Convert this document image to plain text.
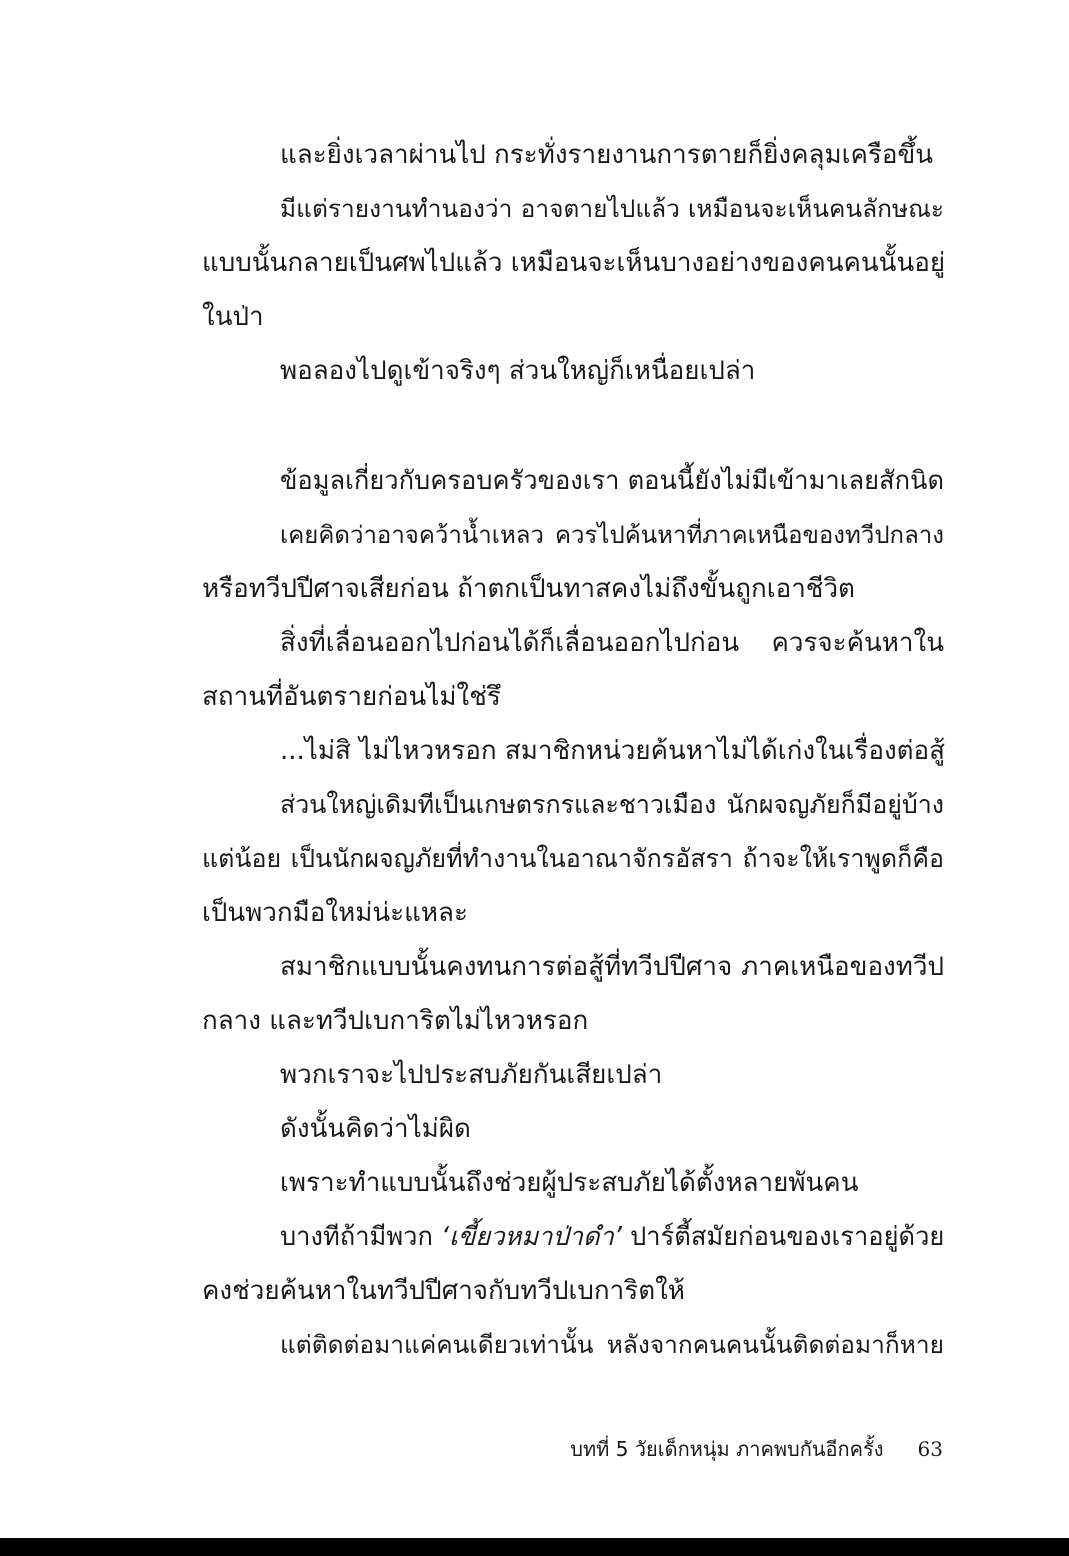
และยิ่งเวลาผ่านไป กระทั่งรายงานการตายก็ยิ่งคลุมเครือขึ้น
มีแต่รายงานทำนองว่า อาจตายไปแล้ว เหมือนจะเห็นคนลักษณะ
แบบนั้นกลายเป็นศพไปแล้ว เหมือนจะเห็นบางอย่างของคนคนนั้นอยู่
ในป่า
พอลองไปดูเข้าจริงๆ ส่วนใหญ่ก็เหนื่อยเปล่า
ข้อมูลเกี่ยวกับครอบครัวของเรา ตอนนี้ยังไม่มีเข้ามาเลยสักนิด
เคยคิดว่าอาจคว้าน้ำเหลว ควรไปค้นหาที่ภาคเหนือของทวีปกลาง
หรือทวีปปีศาจเสียก่อน ถ้าตกเป็นทาสคงไม่ถึงขั้นถูกเอาชีวิต
สิ่งที่เลื่อนออกไปก่อนได้ก็เลื่อนออกไปก่อน ควรจะค้นหาใน
สถานที่อันตรายก่อนไม่ใช่รึ
...ไม่สิ ไม่ไหวหรอก สมาชิกหน่วยค้นหาไม่ได้เก่งในเรื่องต่อสู้
ส่วนใหญ่เดิมทีเป็นเกษตรกรและชาวเมือง นักผจญภัยก็มีอยู่บ้าง
แต่น้อย เป็นนักผจญภัยที่ทำงานในอาณาจักรอัสรา ถ้าจะให้เราพูดก็คือ
เป็นพวกมือใหม่น่ะแหละ
สมาชิกแบบนั้นคงทนการต่อสู้ที่ทวีปปีศาจ ภาคเหนือของทวีป
กลาง และทวีปเบการิตไม่ไหวหรอก
พวกเราจะไปประสบภัยกันเสียเปล่า
ดังนั้นคิดว่าไม่ผิด
เพราะทำแบบนั้นถึงช่วยผู้ประสบภัยได้ตั้งหลายพันคน
บางทีถ้ามีพวก ‘เขี้ยวหมาป่าดำ’ ปาร์ตี้สมัยก่อนของเราอยู่ด้วย
คงช่วยค้นหาในทวีปปีศาจกับทวีปเบการิตให้
แต่ติดต่อมาแค่คนเดียวเท่านั้น หลังจากคนคนนั้นติดต่อมาก็หาย
บทที่ 5 วัยเด็กหนุ่ม ภาคพบกันอีกครั้ง 63
